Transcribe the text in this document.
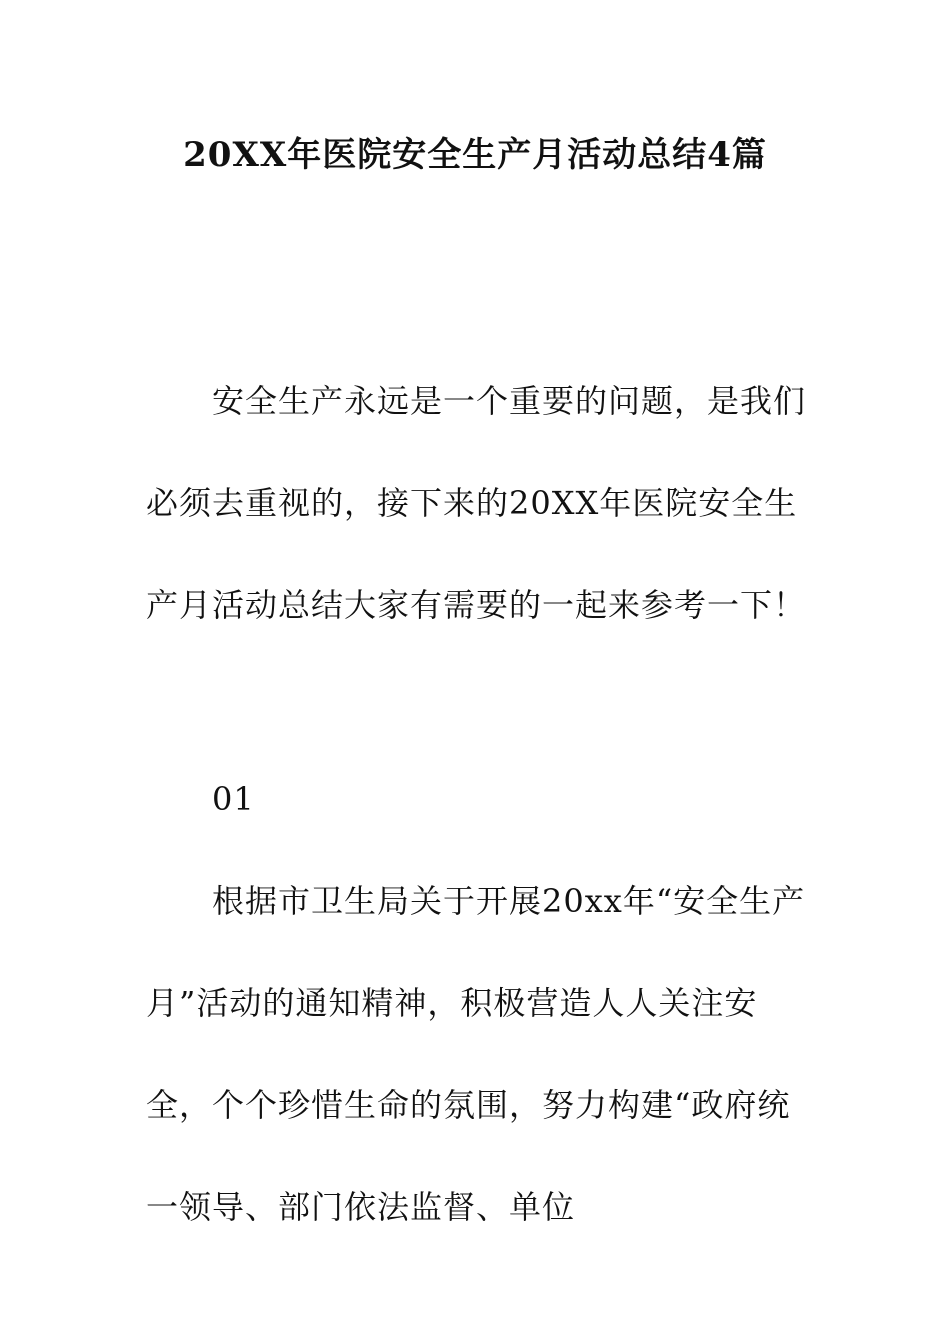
20XX年医院安全生产月活动总结4篇

安全生产永远是一个重要的问题，是我们必须去重视的，接下来的20XX年医院安全生产月活动总结大家有需要的一起来参考一下！

01

根据市卫生局关于开展20xx年“安全生产月”活动的通知精神，积极营造人人关注安全，个个珍惜生命的氛围，努力构建“政府统一领导、部门依法监督、单位
